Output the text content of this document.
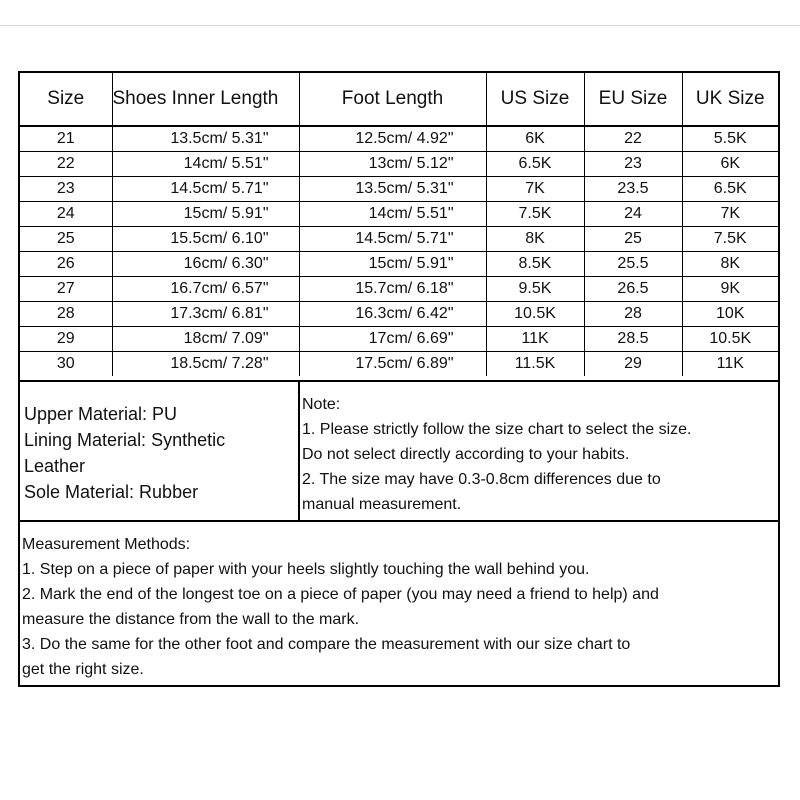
Size	Shoes Inner Length	Foot Length	US Size	EU Size	UK Size
21	13.5cm/ 5.31"	12.5cm/ 4.92"	6K	22	5.5K
22	14cm/ 5.51"	13cm/ 5.12"	6.5K	23	6K
23	14.5cm/ 5.71"	13.5cm/ 5.31"	7K	23.5	6.5K
24	15cm/ 5.91"	14cm/ 5.51"	7.5K	24	7K
25	15.5cm/ 6.10"	14.5cm/ 5.71"	8K	25	7.5K
26	16cm/ 6.30"	15cm/ 5.91"	8.5K	25.5	8K
27	16.7cm/ 6.57"	15.7cm/ 6.18"	9.5K	26.5	9K
28	17.3cm/ 6.81"	16.3cm/ 6.42"	10.5K	28	10K
29	18cm/ 7.09"	17cm/ 6.69"	11K	28.5	10.5K
30	18.5cm/ 7.28"	17.5cm/ 6.89"	11.5K	29	11K
Upper Material: PU
Lining Material: Synthetic
Leather
Sole Material: Rubber
Note:
1. Please strictly follow the size chart to select the size.
Do not select directly according to your habits.
2. The size may have 0.3-0.8cm differences due to
manual measurement.
Measurement Methods:
1. Step on a piece of paper with your heels slightly touching the wall behind you.
2. Mark the end of the longest toe on a piece of paper (you may need a friend to help) and
measure the distance from the wall to the mark.
3. Do the same for the other foot and compare the measurement with our size chart to
get the right size.
